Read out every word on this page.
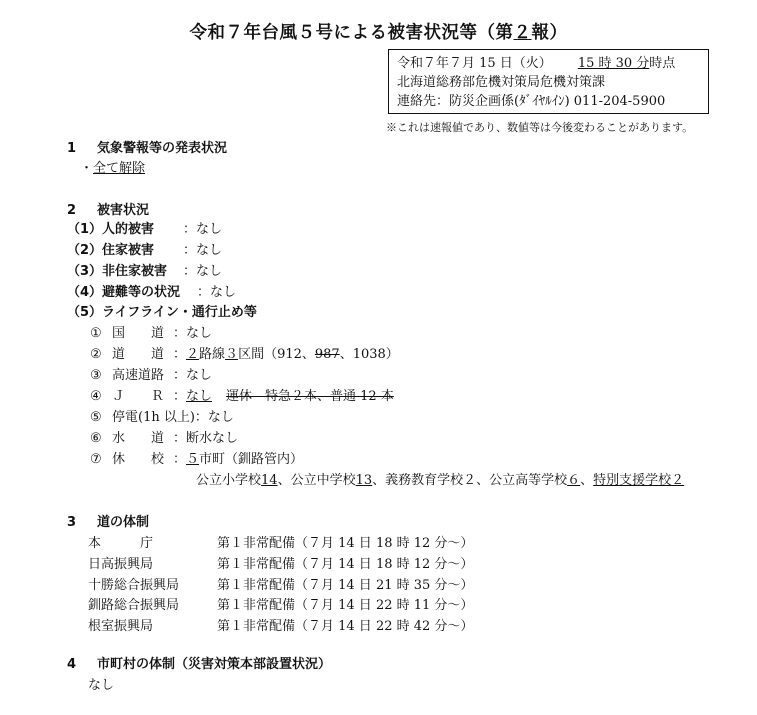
令和７年台風５号による被害状況等（第２報）
令和７年７月 15 日（火） 15 時 30 分時点
北海道総務部危機対策局危機対策課
連絡先：防災企画係(ﾀﾞｲﾔﾙｲﾝ) 011-204-5900
※これは速報値であり、数値等は今後変わることがあります。
1 気象警報等の発表状況
・全て解除
2 被害状況
（1）人的被害 ：なし
（2）住家被害 ：なし
（3）非住家被害 ：なし
（4）避難等の状況 ：なし
（5）ライフライン・通行止め等
① 国　　道 ：なし
② 道　　道 ：２路線３区間（912、987、1038）
③ 高速道路 ：なし
④ Ｊ　　Ｒ ：なし 運休　特急２本、普通 12 本
⑤ 停電(1h 以上)：なし
⑥ 水　　道 ：断水なし
⑦ 休　　校 ：５市町（釧路管内）
公立小学校14、公立中学校13、義務教育学校２、公立高等学校６、特別支援学校２
3 道の体制
本　　　庁	第１非常配備（７月 14 日 18 時 12 分～）
日高振興局	第１非常配備（７月 14 日 18 時 12 分～）
十勝総合振興局	第１非常配備（７月 14 日 21 時 35 分～）
釧路総合振興局	第１非常配備（７月 14 日 22 時 11 分～）
根室振興局	第１非常配備（７月 14 日 22 時 42 分～）
4 市町村の体制（災害対策本部設置状況）
なし
